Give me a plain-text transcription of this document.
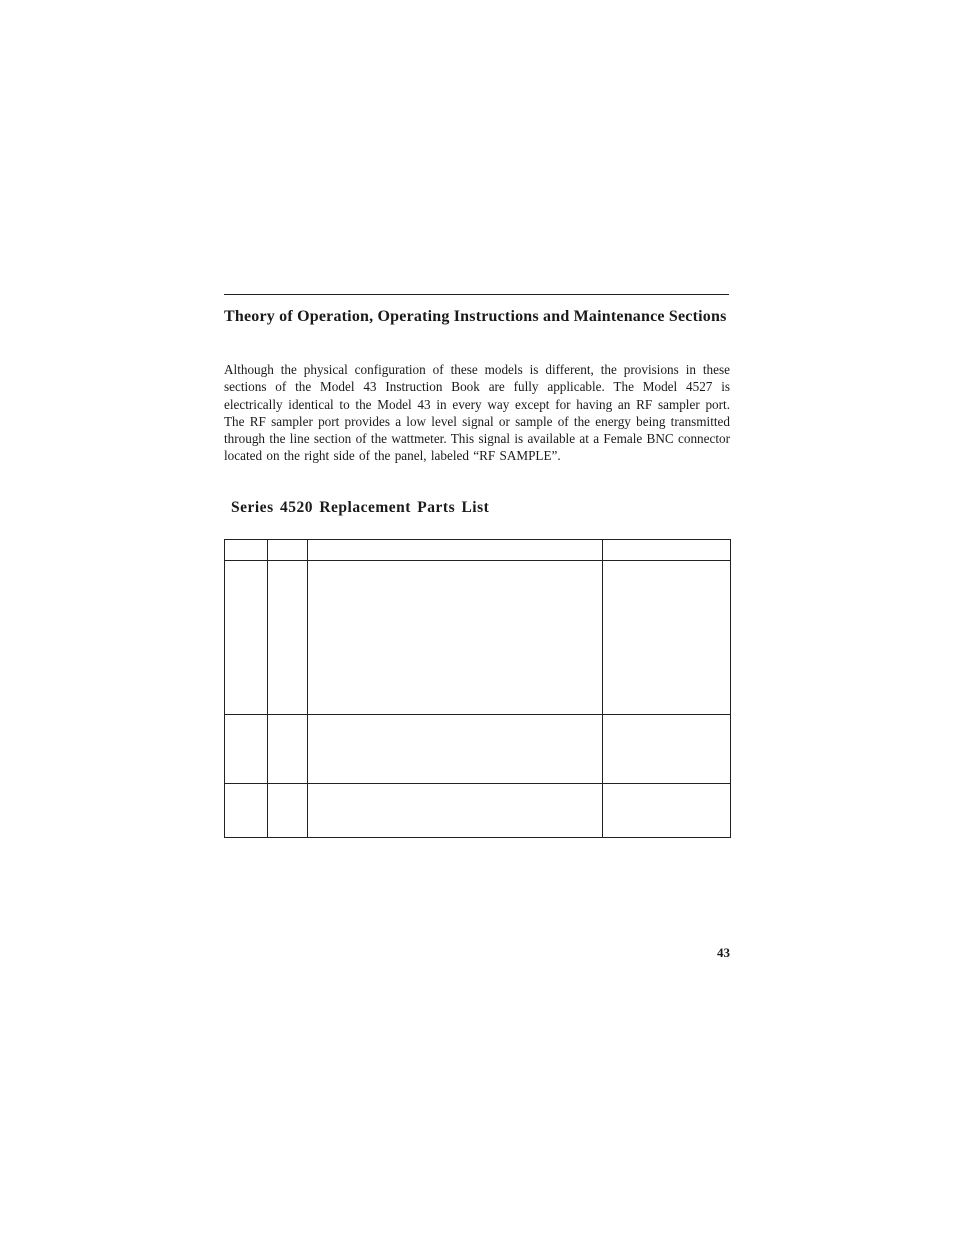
Theory of Operation, Operating Instructions and Maintenance Sections

Although the physical configuration of these models is different, the provisions in these sections of the Model 43 Instruction Book are fully applicable. The Model 4527 is electrically identical to the Model 43 in every way except for having an RF sampler port. The RF sampler port provides a low level signal or sample of the energy being transmitted through the line section of the wattmeter. This signal is available at a Female BNC connector located on the right side of the panel, labeled “RF SAMPLE”.

Series 4520 Replacement Parts List

43
